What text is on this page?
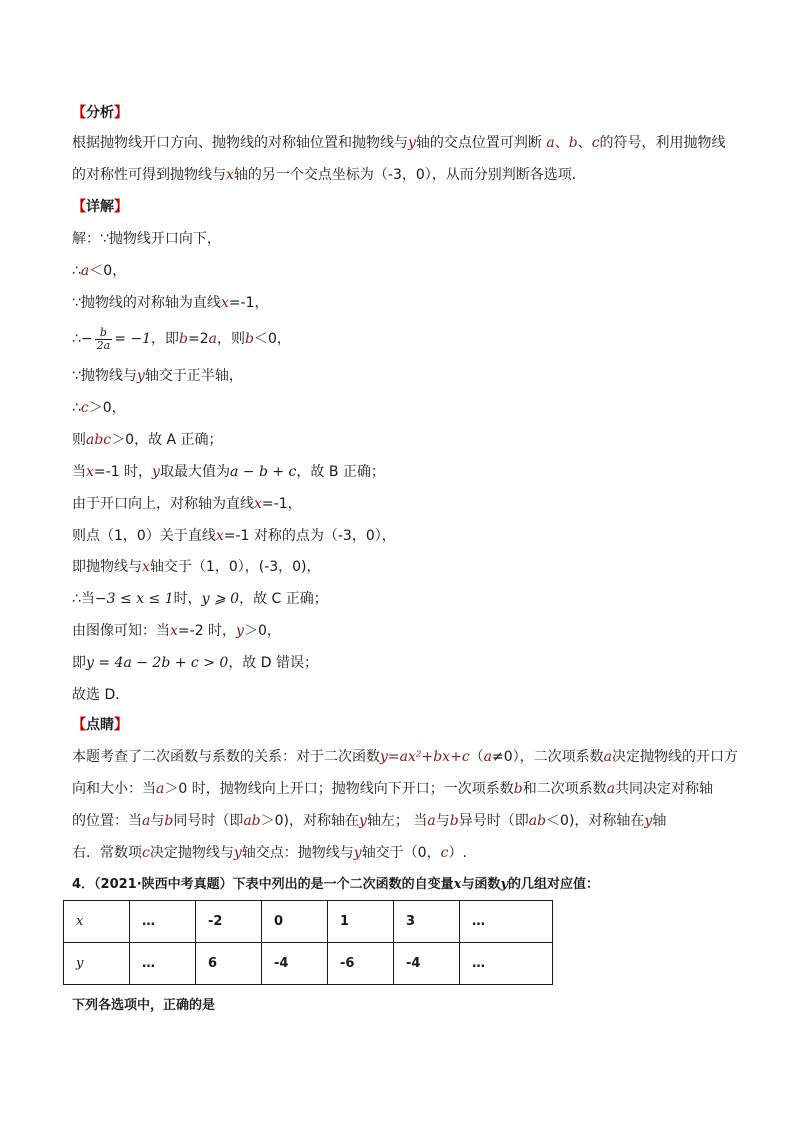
【分析】
根据抛物线开口方向、抛物线的对称轴位置和抛物线与y轴的交点位置可判断 a、b、c的符号，利用抛物线
的对称性可得到抛物线与x轴的另一个交点坐标为（-3，0），从而分别判断各选项．
【详解】
解：∵抛物线开口向下，
∴a＜0，
∵抛物线的对称轴为直线x=-1，
∴− $\frac{b}{2a} = -1$，即b=2a，则b＜0，
∵抛物线与y轴交于正半轴，
∴c＞0，
则abc＞0，故 A 正确；
当x=-1 时，y取最大值为a − b + c，故 B 正确；
由于开口向上，对称轴为直线x=-1，
则点（1，0）关于直线x=-1 对称的点为（-3，0），
即抛物线与x轴交于（1，0），(-3，0)，
∴当−3 ≤ x ≤ 1时，y ⩾ 0，故 C 正确；
由图像可知：当x=-2 时，y＞0，
即y = 4a − 2b + c > 0，故 D 错误；
故选 D．
【点睛】
本题考查了二次函数与系数的关系：对于二次函数y=ax²+bx+c（a≠0），二次项系数a决定抛物线的开口方
向和大小：当a＞0 时，抛物线向上开口；抛物线向下开口；一次项系数b和二次项系数a共同决定对称轴
的位置：当a与b同号时（即ab＞0)，对称轴在y轴左； 当a与b异号时（即ab＜0)，对称轴在y轴
右．常数项c决定抛物线与y轴交点：抛物线与y轴交于（0，c）.
4．（2021·陕西中考真题）下表中列出的是一个二次函数的自变量x与函数y的几组对应值：
x	…	-2	0	1	3	…
y	…	6	-4	-6	-4	…
下列各选项中，正确的是
